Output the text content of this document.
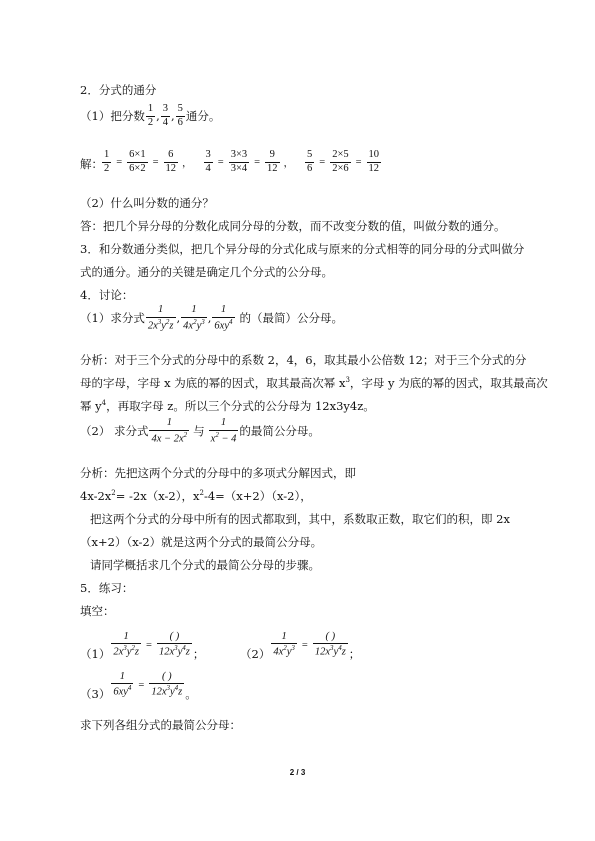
2．分式的通分
（1）把分数 $\frac{1}{2}$ , $\frac{3}{4}$ , $\frac{5}{6}$ 通分。
解： $\frac{1}{2} = \frac{6\times 1}{6\times 2} = \frac{6}{12}$ ， $\frac{3}{4} = \frac{3\times 3}{3\times 4} = \frac{9}{12}$ ， $\frac{5}{6} = \frac{2\times 5}{2\times 6} = \frac{10}{12}$
（2）什么叫分数的通分？
答：把几个异分母的分数化成同分母的分数，而不改变分数的值，叫做分数的通分。
3．和分数通分类似，把几个异分母的分式化成与原来的分式相等的同分母的分式叫做分
式的通分。通分的关键是确定几个分式的公分母。
4．讨论：
（1）求分式 $\frac{1}{2x^3y^2z}$ , $\frac{1}{4x^2y^3}$ , $\frac{1}{6xy^4}$ 的（最简）公分母。
分析：对于三个分式的分母中的系数 2，4，6，取其最小公倍数 12；对于三个分式的分
母的字母，字母 x 为底的幂的因式，取其最高次幂 $x^3$，字母 y 为底的幂的因式，取其最高次
幂 $y^4$，再取字母 z。所以三个分式的公分母为 12x3y4z。
（2） 求分式 $\frac{1}{4x - 2x^2}$ 与 $\frac{1}{x^2 - 4}$ 的最简公分母。
分析：先把这两个分式的分母中的多项式分解因式，即
$4x-2x^2= -2x(x-2)$，$x^2-4=(x+2)(x-2)$，
把这两个分式的分母中所有的因式都取到，其中，系数取正数，取它们的积，即 2x
（x+2）（x-2）就是这两个分式的最简公分母。
请同学概括求几个分式的最简公分母的步骤。
5．练习：
填空：
$(1) \frac{1}{2x^3y^2z} = \frac{( )}{12x^3y^4z}$ ；	$(2) \frac{1}{4x^2y^3} = \frac{( )}{12x^3y^4z}$ ；
$(3) \frac{1}{6xy^4} = \frac{( )}{12x^3y^4z}$ 。
求下列各组分式的最简公分母：
2 / 3
